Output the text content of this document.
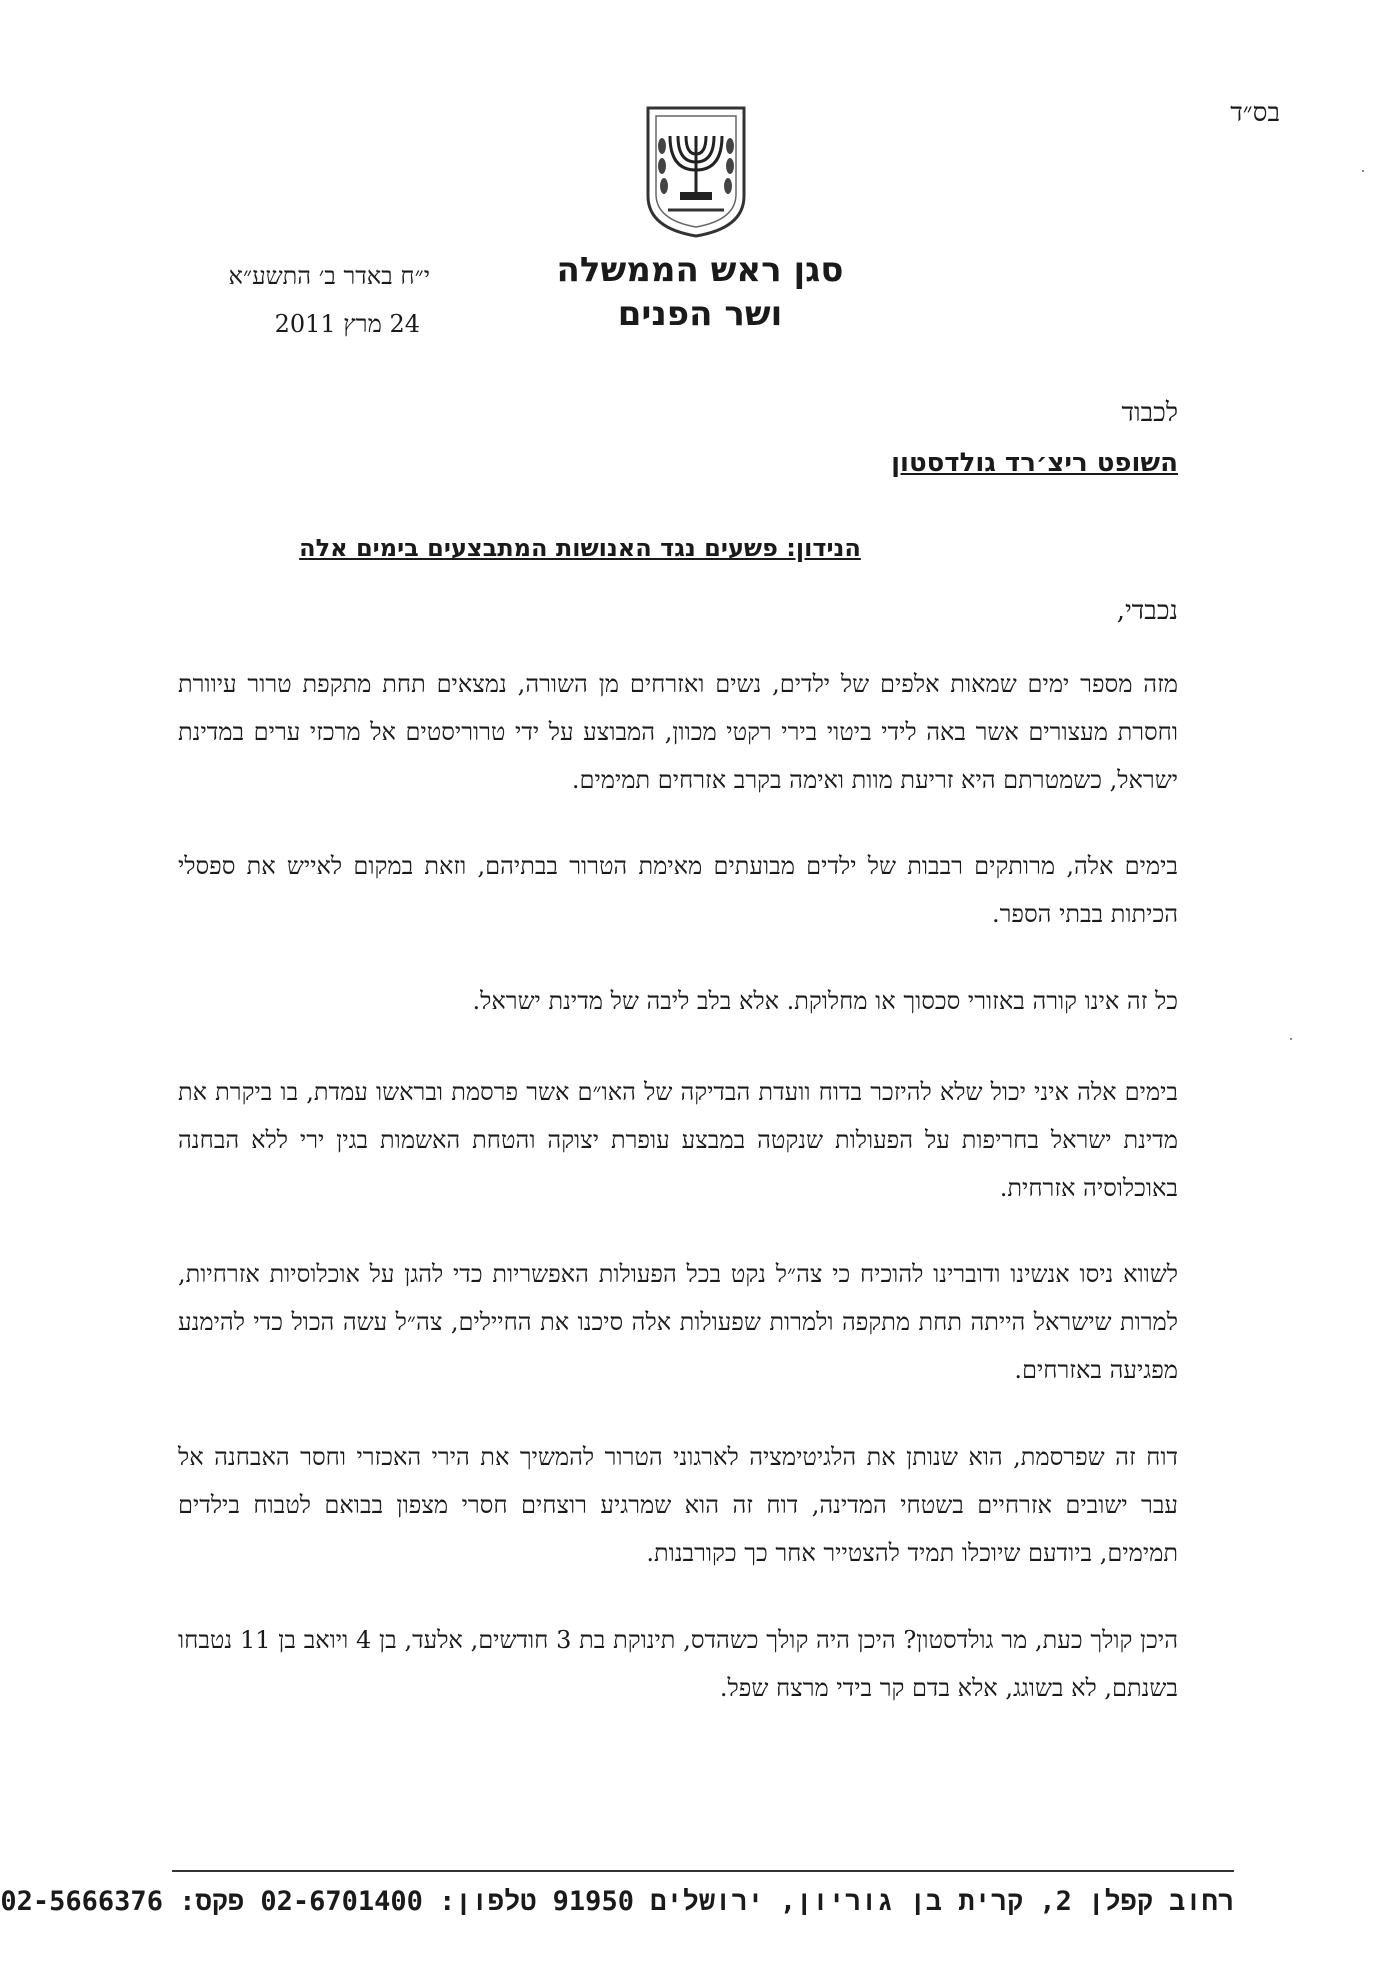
בס״ד
סגן ראש הממשלה
ושר הפנים
י״ח באדר ב׳ התשע״א
24 מרץ 2011
לכבוד
השופט ריצ׳רד גולדסטון
הנידון: פשעים נגד האנושות המתבצעים בימים אלה
נכבדי,
מזה מספר ימים שמאות אלפים של ילדים, נשים ואזרחים מן השורה, נמצאים תחת מתקפת טרור עיוורת וחסרת מעצורים אשר באה לידי ביטוי בירי רקטי מכוון, המבוצע על ידי טרוריסטים אל מרכזי ערים במדינת ישראל, כשמטרתם היא זריעת מוות ואימה בקרב אזרחים תמימים.
בימים אלה, מרותקים רבבות של ילדים מבועתים מאימת הטרור בבתיהם, וזאת במקום לאייש את ספסלי הכיתות בבתי הספר.
כל זה אינו קורה באזורי סכסוך או מחלוקת. אלא בלב ליבה של מדינת ישראל.
בימים אלה איני יכול שלא להיזכר בדוח וועדת הבדיקה של האו״ם אשר פרסמת ובראשו עמדת, בו ביקרת את מדינת ישראל בחריפות על הפעולות שנקטה במבצע עופרת יצוקה והטחת האשמות בגין ירי ללא הבחנה באוכלוסיה אזרחית.
לשווא ניסו אנשינו ודוברינו להוכיח כי צה״ל נקט בכל הפעולות האפשריות כדי להגן על אוכלוסיות אזרחיות, למרות שישראל הייתה תחת מתקפה ולמרות שפעולות אלה סיכנו את החיילים, צה״ל עשה הכול כדי להימנע מפגיעה באזרחים.
דוח זה שפרסמת, הוא שנותן את הלגיטימציה לארגוני הטרור להמשיך את הירי האכזרי וחסר האבחנה אל עבר ישובים אזרחיים בשטחי המדינה, דוח זה הוא שמרגיע רוצחים חסרי מצפון בבואם לטבוח בילדים תמימים, ביודעם שיוכלו תמיד להצטייר אחר כך כקורבנות.
היכן קולך כעת, מר גולדסטון? היכן היה קולך כשהדס, תינוקת בת 3 חודשים, אלעד, בן 4 ויואב בן 11 נטבחו בשנתם, לא בשוגג, אלא בדם קר בידי מרצח שפל.
רחוב קפלן 2, קרית בן גוריון, ירושלים 91950 טלפון: 02-6701400 פקס: 02-5666376
